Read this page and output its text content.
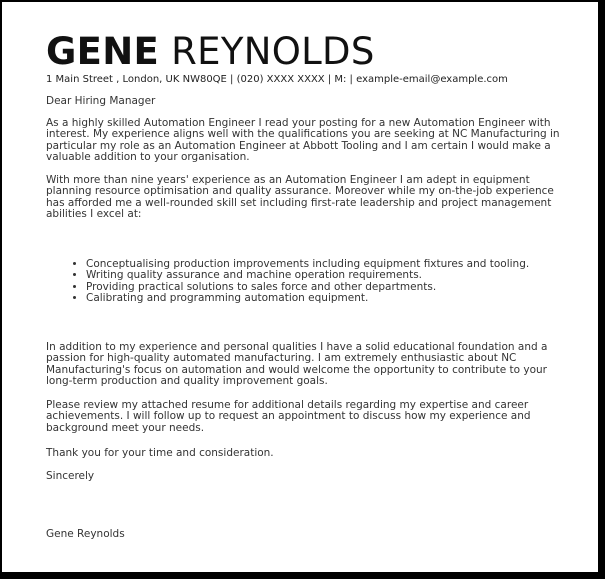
GENE REYNOLDS
1 Main Street , London, UK NW80QE | (020) XXXX XXXX | M: | example-email@example.com
Dear Hiring Manager
As a highly skilled Automation Engineer I read your posting for a new Automation Engineer with interest. My experience aligns well with the qualifications you are seeking at NC Manufacturing in particular my role as an Automation Engineer at Abbott Tooling and I am certain I would make a valuable addition to your organisation.
With more than nine years' experience as an Automation Engineer I am adept in equipment planning resource optimisation and quality assurance. Moreover while my on-the-job experience has afforded me a well-rounded skill set including first-rate leadership and project management abilities I excel at:
• Conceptualising production improvements including equipment fixtures and tooling.
• Writing quality assurance and machine operation requirements.
• Providing practical solutions to sales force and other departments.
• Calibrating and programming automation equipment.
In addition to my experience and personal qualities I have a solid educational foundation and a passion for high-quality automated manufacturing. I am extremely enthusiastic about NC Manufacturing's focus on automation and would welcome the opportunity to contribute to your long-term production and quality improvement goals.
Please review my attached resume for additional details regarding my expertise and career achievements. I will follow up to request an appointment to discuss how my experience and background meet your needs.
Thank you for your time and consideration.
Sincerely
Gene Reynolds
